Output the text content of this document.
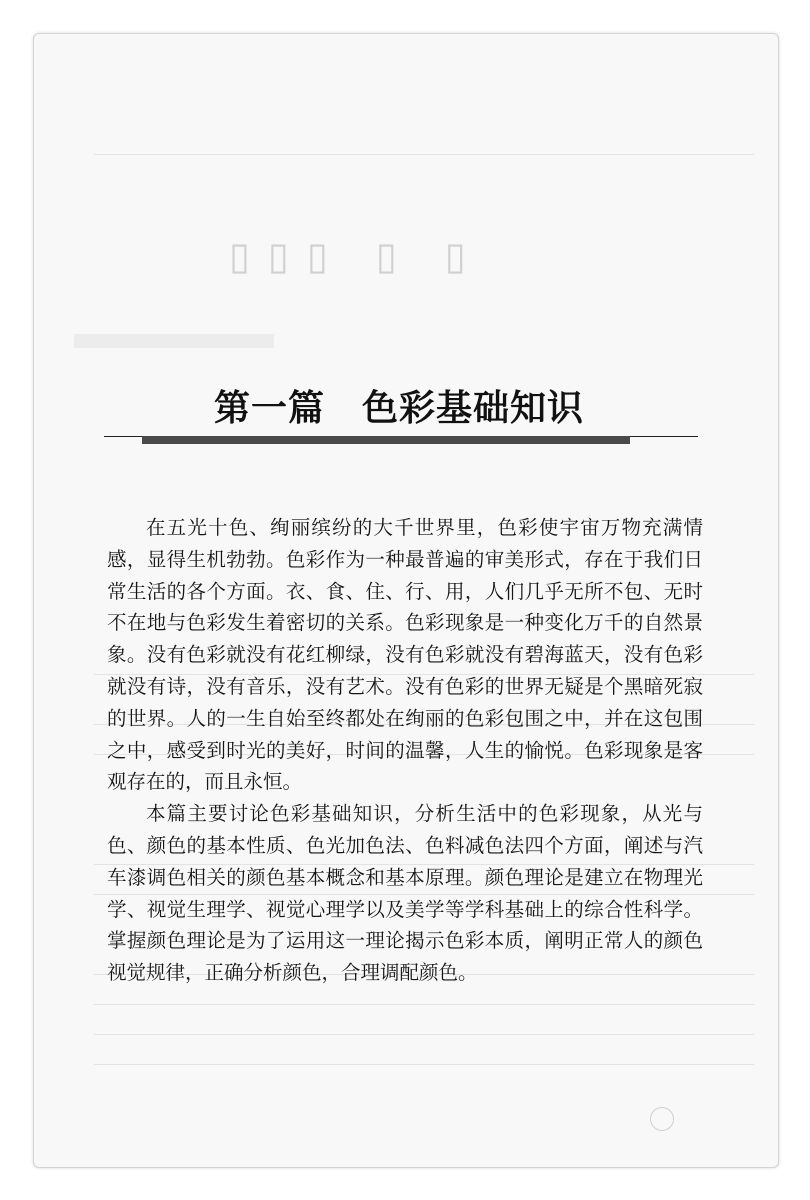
▯▯▯ ▯ ▯
第一篇　色彩基础知识

在五光十色、绚丽缤纷的大千世界里，色彩使宇宙万物充满情感，显得生机勃勃。色彩作为一种最普遍的审美形式，存在于我们日常生活的各个方面。衣、食、住、行、用，人们几乎无所不包、无时不在地与色彩发生着密切的关系。色彩现象是一种变化万千的自然景象。没有色彩就没有花红柳绿，没有色彩就没有碧海蓝天，没有色彩就没有诗，没有音乐，没有艺术。没有色彩的世界无疑是个黑暗死寂的世界。人的一生自始至终都处在绚丽的色彩包围之中，并在这包围之中，感受到时光的美好，时间的温馨，人生的愉悦。色彩现象是客观存在的，而且永恒。

本篇主要讨论色彩基础知识，分析生活中的色彩现象，从光与色、颜色的基本性质、色光加色法、色料减色法四个方面，阐述与汽车漆调色相关的颜色基本概念和基本原理。颜色理论是建立在物理光学、视觉生理学、视觉心理学以及美学等学科基础上的综合性科学。掌握颜色理论是为了运用这一理论揭示色彩本质，阐明正常人的颜色视觉规律，正确分析颜色，合理调配颜色。
